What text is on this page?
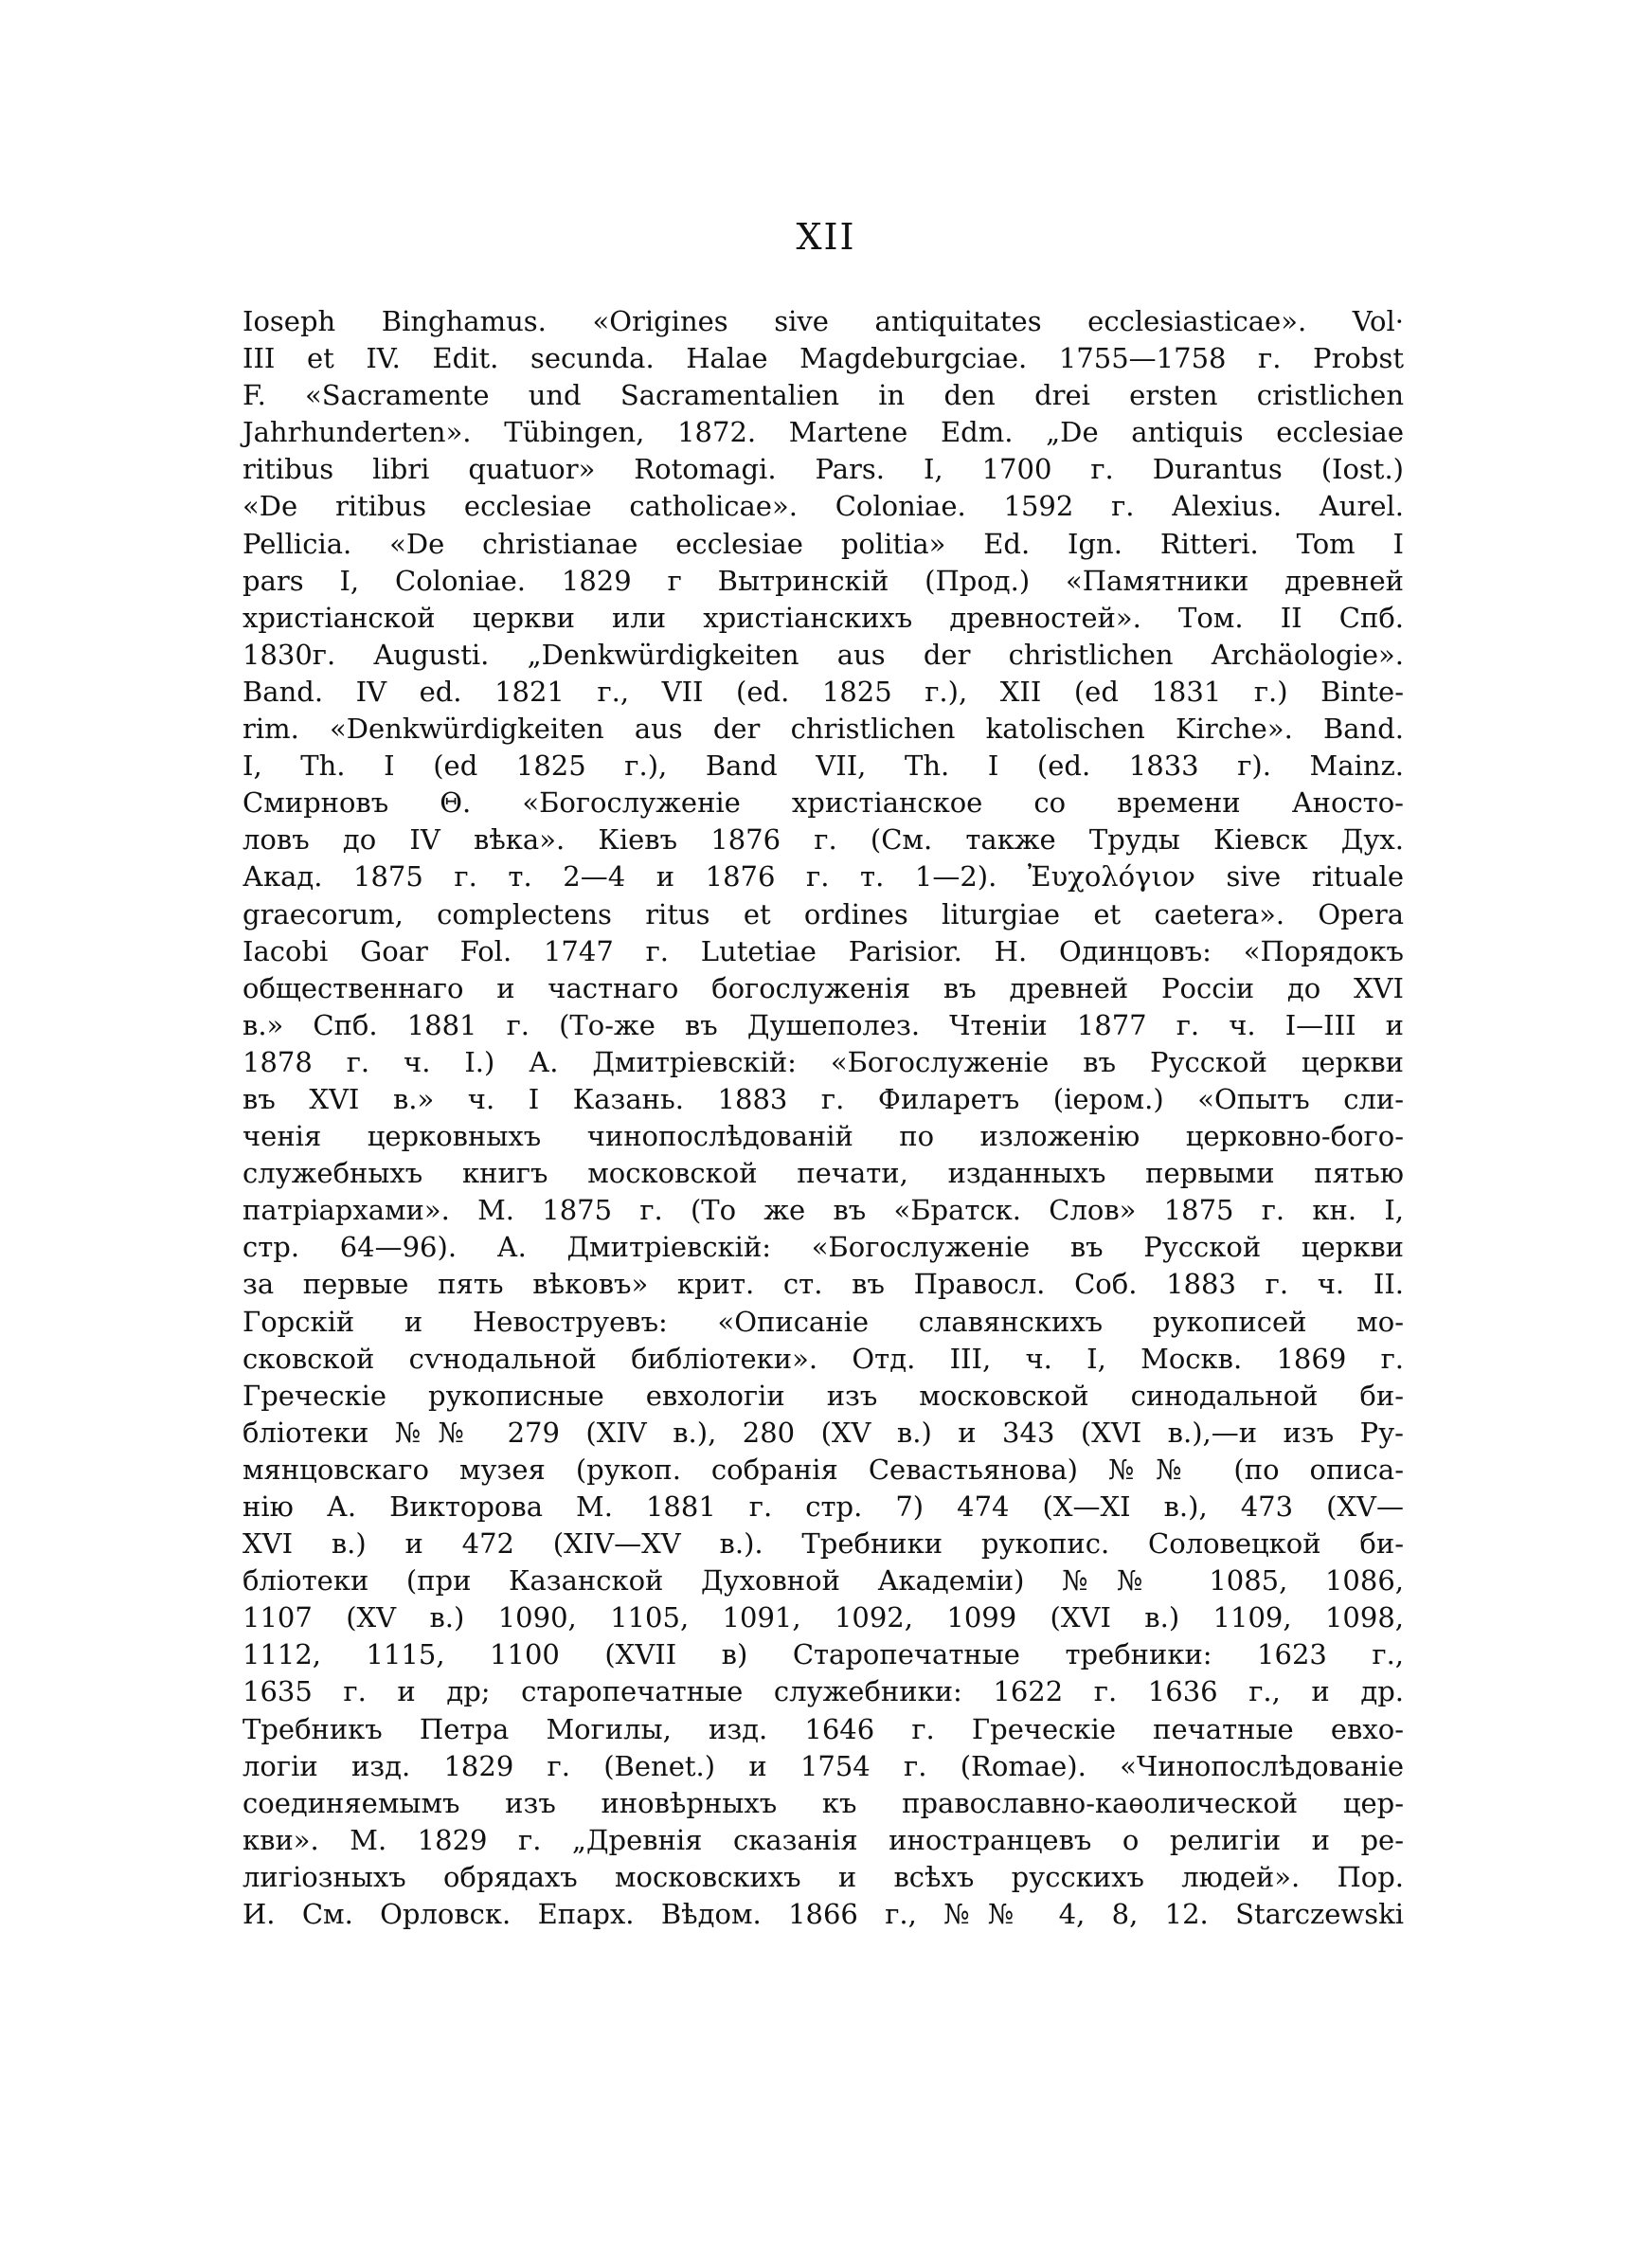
XII
Ioseph Binghamus. «Origines sive antiquitates ecclesiasticae». Vol·
III et IV. Edit. secunda. Halae Magdeburgciae. 1755—1758 г. Probst
F. «Sacramente und Sacramentalien in den drei ersten cristlichen
Jahrhunderten». Tübingen, 1872. Martene Edm. „De antiquis ecclesiae
ritibus libri quatuor» Rotomagi. Pars. I, 1700 г. Durantus (Iost.)
«De ritibus ecclesiae catholicae». Coloniae. 1592 г. Alexius. Aurel.
Pellicia. «De christianae ecclesiae politia» Ed. Ign. Ritteri. Tom I
pars I, Coloniae. 1829 г Вытринскій (Прод.) «Памятники древней
христіанской церкви или христіанскихъ древностей». Том. II Спб.
1830г. Augusti. „Denkwürdigkeiten aus der christlichen Archäologie».
Band. IV ed. 1821 г., VII (ed. 1825 г.), XII (ed 1831 г.) Binte-
rim. «Denkwürdigkeiten aus der christlichen katolischen Kirche». Band.
I, Th. I (ed 1825 г.), Band VII, Th. I (ed. 1833 г). Mainz.
Смирновъ Θ. «Богослуженіе христіанское со времени Аносто-
ловъ до IV вѣка». Кіевъ 1876 г. (См. также Труды Кіевск Дух.
Акад. 1875 г. т. 2—4 и 1876 г. т. 1—2). Ἐυχολόγιον sive rituale
graecorum, complectens ritus et ordines liturgiae et caetera». Opera
Iacobi Goar Fol. 1747 г. Lutetiae Parisior. Н. Одинцовъ: «Порядокъ
общественнаго и частнаго богослуженія въ древней Россіи до XVI
в.» Спб. 1881 г. (То-же въ Душеполез. Чтеніи 1877 г. ч. I—III и
1878 г. ч. I.) А. Дмитріевскій: «Богослуженіе въ Русской церкви
въ XVI в.» ч. I Казань. 1883 г. Филаретъ (іером.) «Опытъ сли-
ченія церковныхъ чинопослѣдованій по изложенію церковно-бого-
служебныхъ книгъ московской печати, изданныхъ первыми пятью
патріархами». М. 1875 г. (То же въ «Братск. Слов» 1875 г. кн. I,
стр. 64—96). А. Дмитріевскій: «Богослуженіе въ Русской церкви
за первые пять вѣковъ» крит. ст. въ Правосл. Соб. 1883 г. ч. II.
Горскій и Невоструевъ: «Описаніе славянскихъ рукописей мо-
сковской сѵнодальной библіотеки». Отд. III, ч. I, Москв. 1869 г.
Греческіе рукописные евхологіи изъ московской синодальной би-
бліотеки №№ 279 (XIV в.), 280 (XV в.) и 343 (XVI в.),—и изъ Ру-
мянцовскаго музея (рукоп. собранія Севастьянова) №№ (по описа-
нію А. Викторова М. 1881 г. стр. 7) 474 (X—XI в.), 473 (XV—
XVI в.) и 472 (XIV—XV в.). Требники рукопис. Соловецкой би-
бліотеки (при Казанской Духовной Академіи) №№ 1085, 1086,
1107 (XV в.) 1090, 1105, 1091, 1092, 1099 (XVI в.) 1109, 1098,
1112, 1115, 1100 (XVII в) Старопечатные требники: 1623 г.,
1635 г. и др; старопечатные служебники: 1622 г. 1636 г., и др.
Требникъ Петра Могилы, изд. 1646 г. Греческіе печатные евхо-
логіи изд. 1829 г. (Benet.) и 1754 г. (Romae). «Чинопослѣдованіе
соединяемымъ изъ иновѣрныхъ къ православно-каѳолической цер-
кви». М. 1829 г. „Древнія сказанія иностранцевъ о религіи и ре-
лигіозныхъ обрядахъ московскихъ и всѣхъ русскихъ людей». Пор.
И. См. Орловск. Епарх. Вѣдом. 1866 г., №№ 4, 8, 12. Starczewski
